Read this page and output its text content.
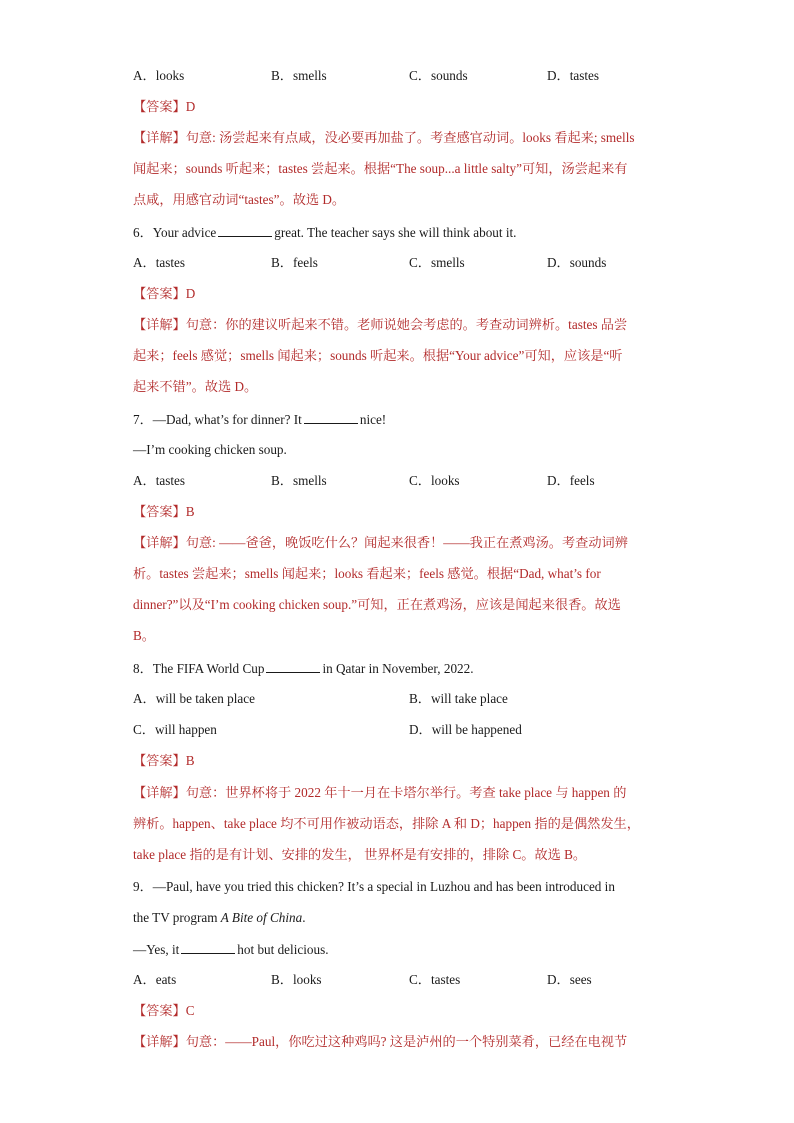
A．looks	B．smells	C．sounds	D．tastes
【答案】D
【详解】句意: 汤尝起来有点咸，没必要再加盐了。考查感官动词。looks 看起来; smells
闻起来；sounds 听起来；tastes 尝起来。根据“The soup...a little salty”可知，汤尝起来有
点咸，用感官动词“tastes”。故选 D。
6．Your advice	great. The teacher says she will think about it.
A．tastes	B．feels	C．smells	D．sounds
【答案】D
【详解】句意：你的建议听起来不错。老师说她会考虑的。考查动词辨析。tastes 品尝
起来；feels 感觉；smells 闻起来；sounds 听起来。根据“Your advice”可知，应该是“听
起来不错”。故选 D。
7．—Dad, what’s for dinner? It	nice!
—I’m cooking chicken soup.
A．tastes	B．smells	C．looks	D．feels
【答案】B
【详解】句意: ——爸爸，晚饭吃什么？闻起来很香！——我正在煮鸡汤。考查动词辨
析。tastes 尝起来；smells 闻起来；looks 看起来；feels 感觉。根据“Dad, what’s for
dinner?”以及“I’m cooking chicken soup.”可知，正在煮鸡汤，应该是闻起来很香。故选
B。
8．The FIFA World Cup	in Qatar in November, 2022.
A．will be taken place	B．will take place
C．will happen	D．will be happened
【答案】B
【详解】句意：世界杯将于 2022 年十一月在卡塔尔举行。考查 take place 与 happen 的
辨析。happen、take place 均不可用作被动语态，排除 A 和 D；happen 指的是偶然发生，
take place 指的是有计划、安排的发生， 世界杯是有安排的，排除 C。故选 B。
9．—Paul, have you tried this chicken? It’s a special in Luzhou and has been introduced in
the TV program A Bite of China.
—Yes, it	hot but delicious.
A．eats	B．looks	C．tastes	D．sees
【答案】C
【详解】句意：——Paul，你吃过这种鸡吗? 这是泸州的一个特别菜肴，已经在电视节
